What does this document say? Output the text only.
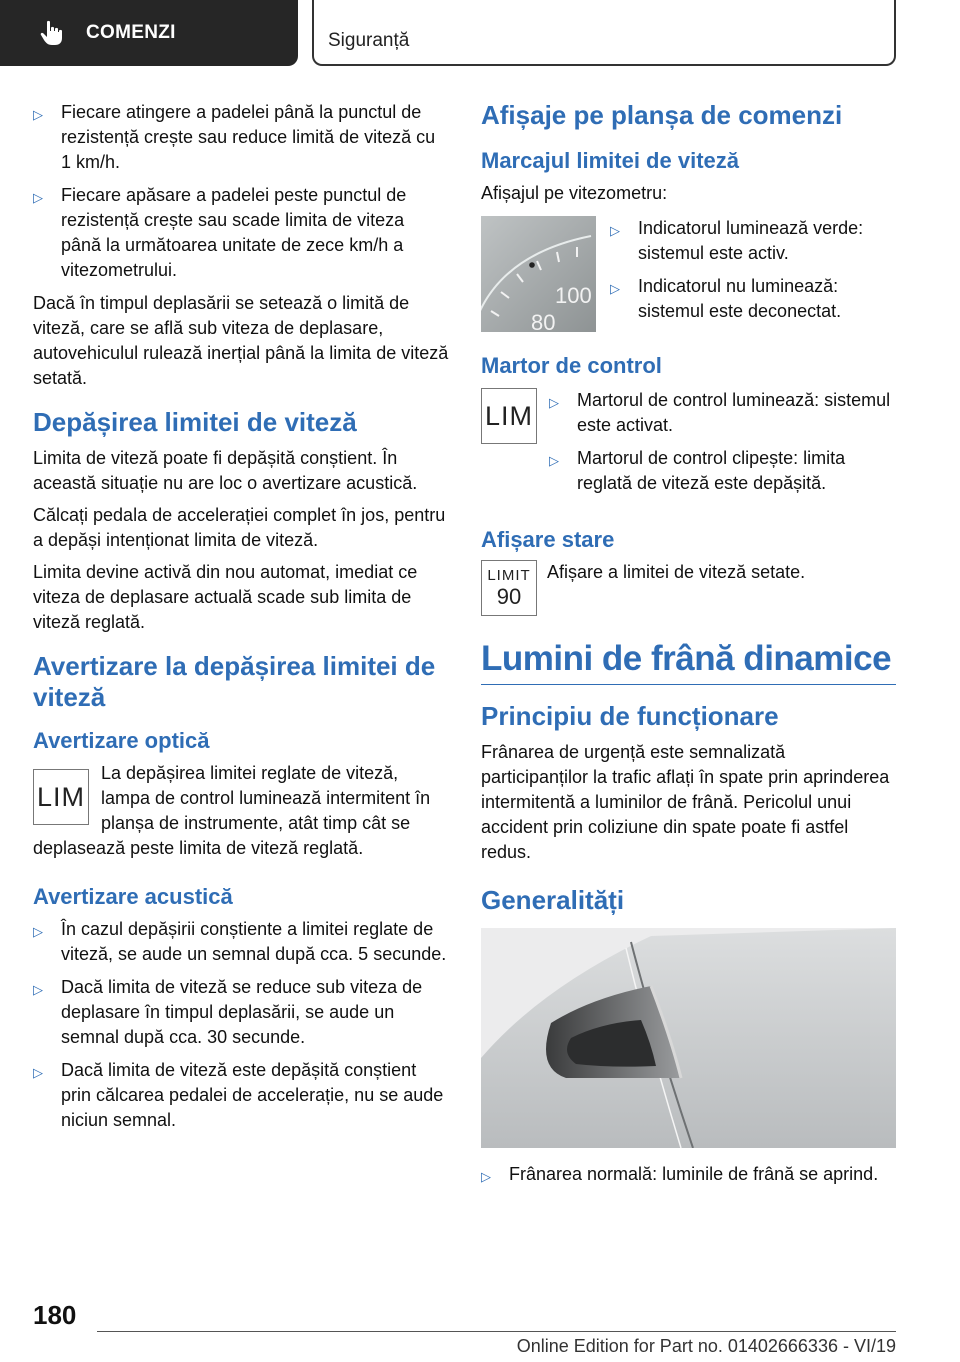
COMENZI	Siguranță
▷ Fiecare atingere a padelei până la punctul de rezistență crește sau reduce limită de viteză cu 1 km/h.
▷ Fiecare apăsare a padelei peste punctul de rezistență crește sau scade limita de viteza până la următoarea unitate de zece km/h a vitezometrului.

Dacă în timpul deplasării se setează o limită de viteză, care se află sub viteza de deplasare, autovehiculul rulează inerțial până la limita de viteză setată.

Depășirea limitei de viteză

Limita de viteză poate fi depășită conștient. În această situație nu are loc o avertizare acustică.

Călcați pedala de accelerației complet în jos, pentru a depăși intenționat limita de viteză.

Limita devine activă din nou automat, imediat ce viteza de deplasare actuală scade sub limita de viteză reglată.

Avertizare la depășirea limitei de viteză
Avertizare optică
LIM

La depășirea limitei reglate de viteză, lampa de control luminează intermitent în planșa de instrumente, atât timp cât se deplasează peste limita de viteză reglată.

Avertizare acustică
▷ În cazul depășirii conștiente a limitei reglate de viteză, se aude un semnal după cca. 5 secunde.
▷ Dacă limita de viteză se reduce sub viteza de deplasare în timpul deplasării, se aude un semnal după cca. 30 secunde.
▷ Dacă limita de viteză este depășită conștient prin călcarea pedalei de accelerație, nu se aude niciun semnal.
Afișaje pe planșa de comenzi
Marcajul limitei de viteză

Afișajul pe vitezometru:

100
80
▷ Indicatorul luminează verde: sistemul este activ.
▷ Indicatorul nu luminează: sistemul este deconectat.
Martor de control
LIM	▷ Martorul de control luminează: sistemul este activat.
▷ Martorul de control clipește: limita reglată de viteză este depășită.
Afișare stare
LIMIT
90

Afișare a limitei de viteză setate.

Lumini de frână dinamice
Principiu de funcționare

Frânarea de urgență este semnalizată participanților la trafic aflați în spate prin aprinderea intermitentă a luminilor de frână. Pericolul unui accident prin coliziune din spate poate fi astfel redus.

Generalități
▷ Frânarea normală: luminile de frână se aprind.
180
Online Edition for Part no. 01402666336 - VI/19
